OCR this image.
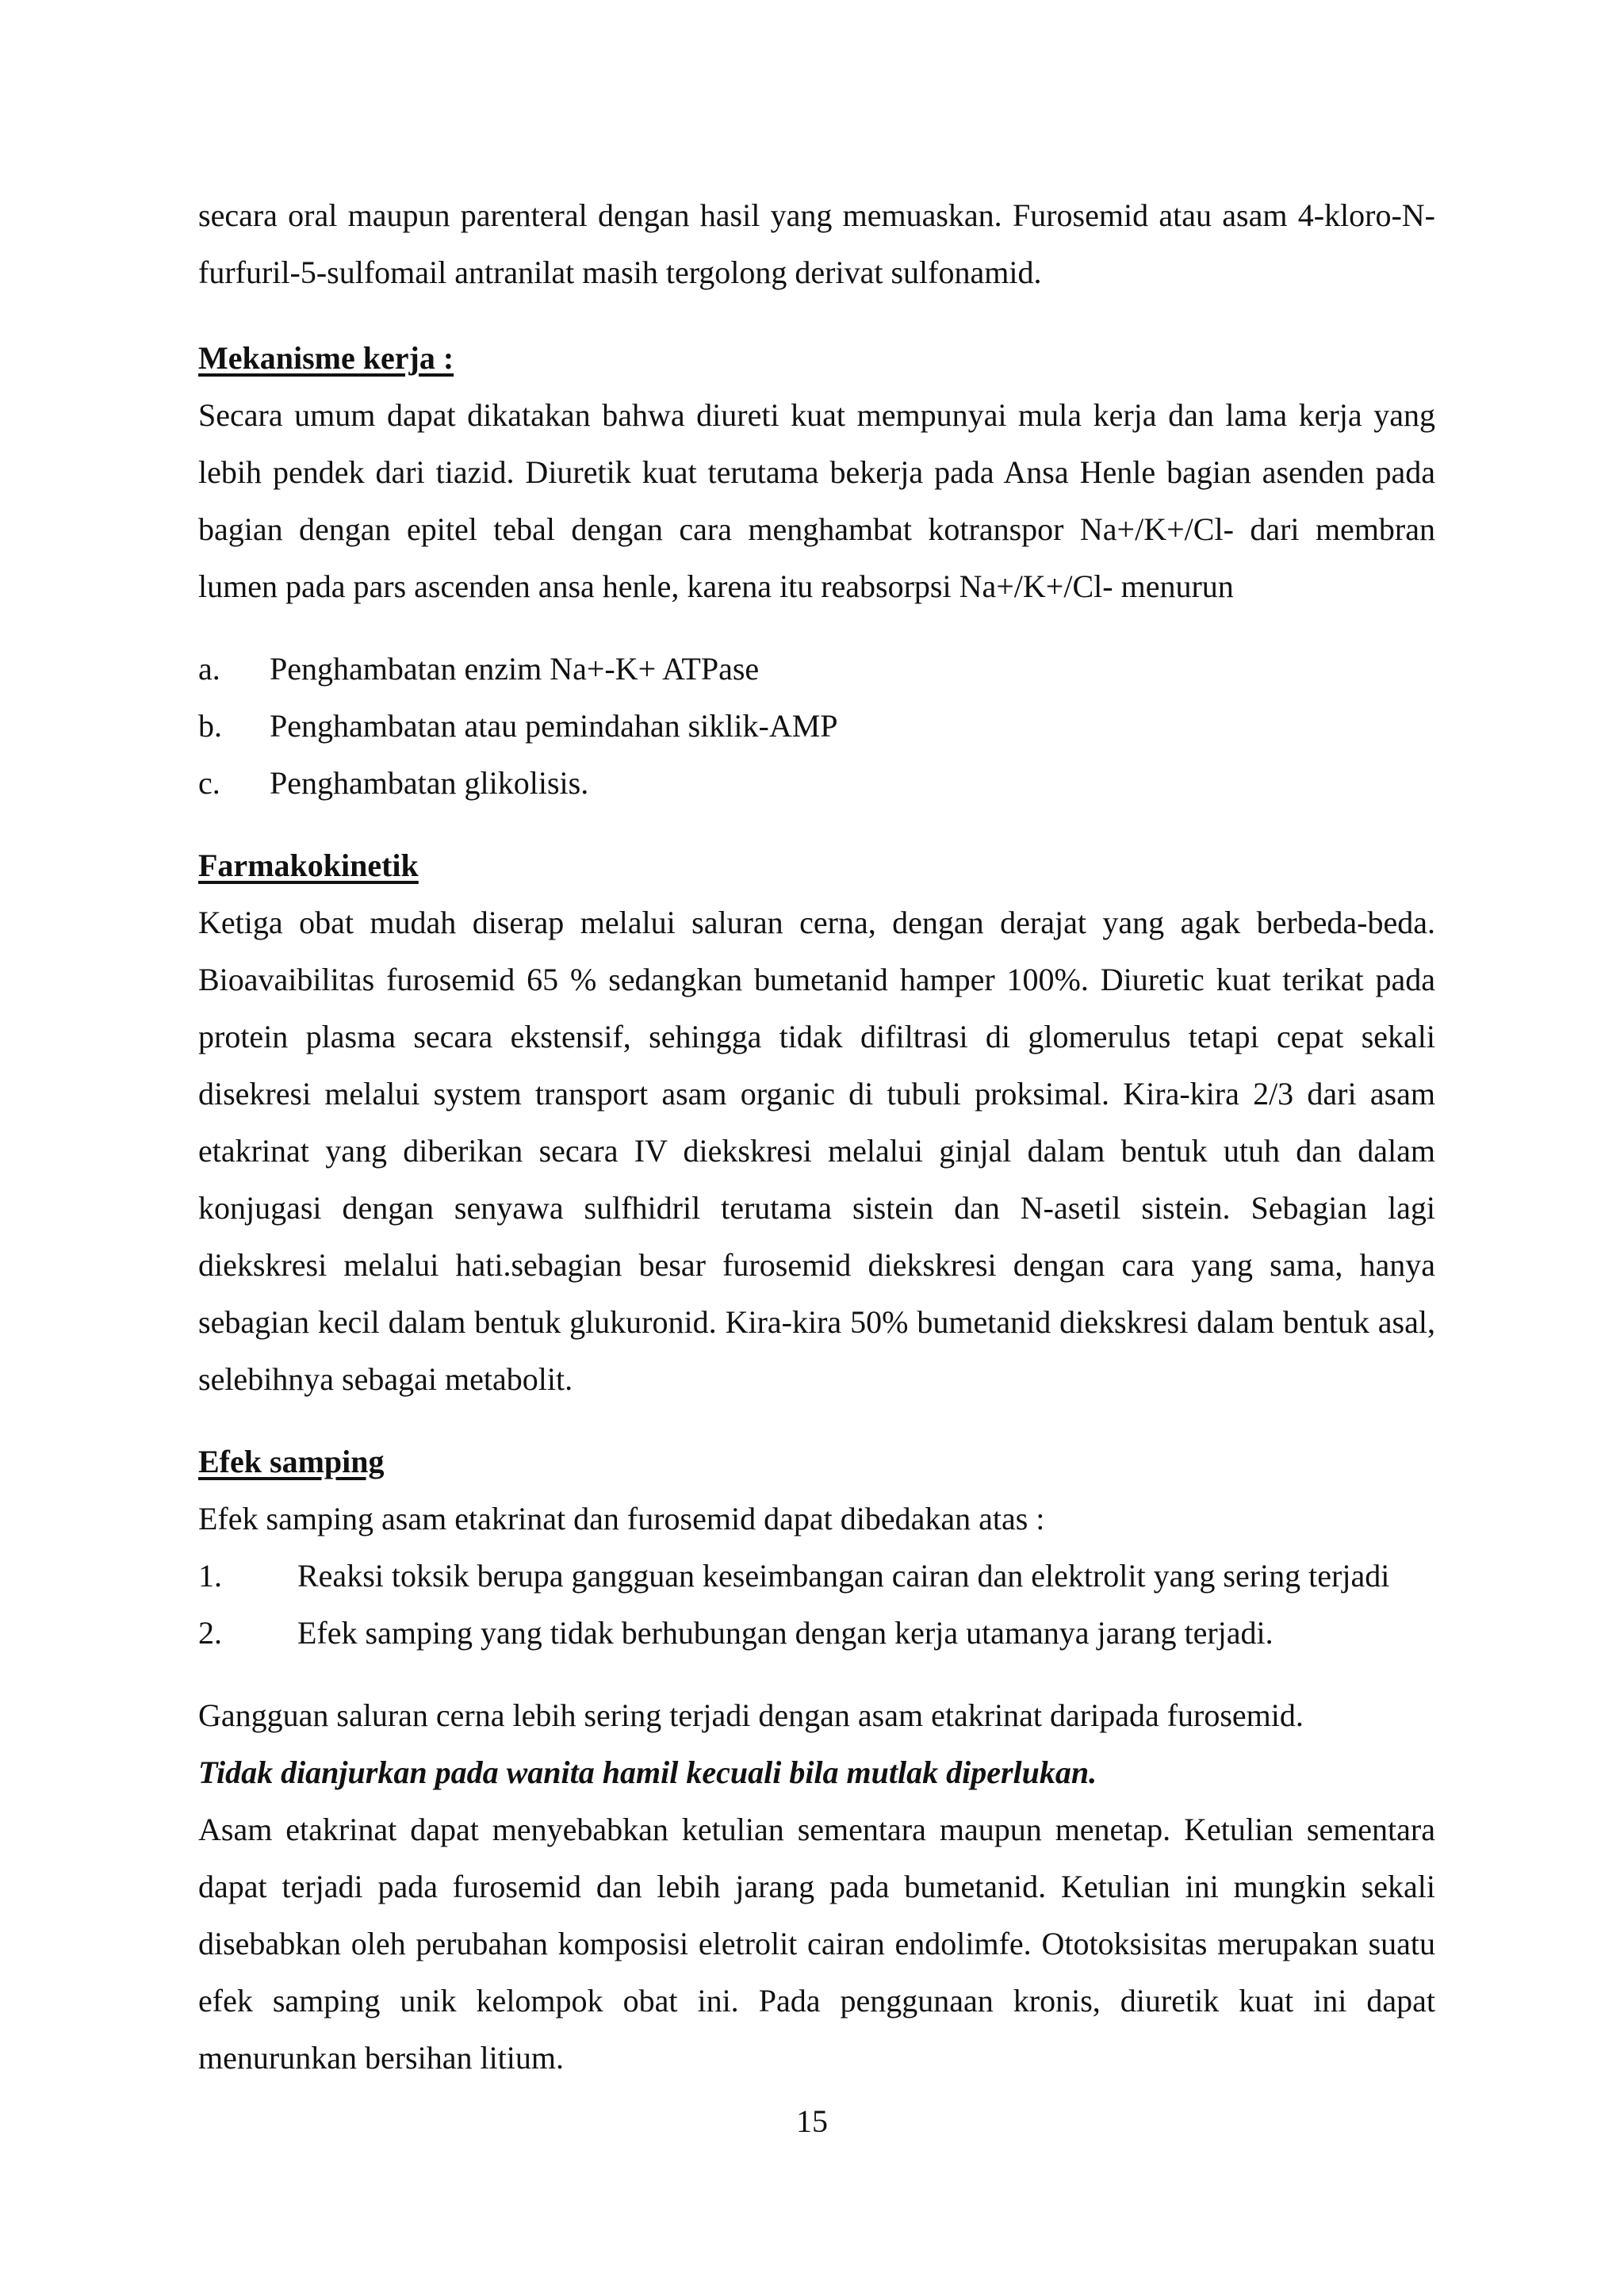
secara oral maupun parenteral dengan hasil yang memuaskan. Furosemid atau asam 4-kloro-N-furfuril-5-sulfomail antranilat masih tergolong derivat sulfonamid.

Mekanisme kerja :

Secara umum dapat dikatakan bahwa diureti kuat mempunyai mula kerja dan lama kerja yang lebih pendek dari tiazid. Diuretik kuat terutama bekerja pada Ansa Henle bagian asenden pada bagian dengan epitel tebal dengan cara menghambat kotranspor Na+/K+/Cl- dari membran lumen pada pars ascenden ansa henle, karena itu reabsorpsi Na+/K+/Cl- menurun

a.	Penghambatan enzim Na+-K+ ATPase
b.	Penghambatan atau pemindahan siklik-AMP
c.	Penghambatan glikolisis.

Farmakokinetik

Ketiga obat mudah diserap melalui saluran cerna, dengan derajat yang agak berbeda-beda. Bioavaibilitas furosemid 65 % sedangkan bumetanid hamper 100%. Diuretic kuat terikat pada protein plasma secara ekstensif, sehingga tidak difiltrasi di glomerulus tetapi cepat sekali disekresi melalui system transport asam organic di tubuli proksimal. Kira-kira 2/3 dari asam etakrinat yang diberikan secara IV diekskresi melalui ginjal dalam bentuk utuh dan dalam konjugasi dengan senyawa sulfhidril terutama sistein dan N-asetil sistein. Sebagian lagi diekskresi melalui hati.sebagian besar furosemid diekskresi dengan cara yang sama, hanya sebagian kecil dalam bentuk glukuronid. Kira-kira 50% bumetanid diekskresi dalam bentuk asal, selebihnya sebagai metabolit.

Efek samping

Efek samping asam etakrinat dan furosemid dapat dibedakan atas :

1.	Reaksi toksik berupa gangguan keseimbangan cairan dan elektrolit yang sering terjadi
2.	Efek samping yang tidak berhubungan dengan kerja utamanya jarang terjadi.

Gangguan saluran cerna lebih sering terjadi dengan asam etakrinat daripada furosemid.

Tidak dianjurkan pada wanita hamil kecuali bila mutlak diperlukan.

Asam etakrinat dapat menyebabkan ketulian sementara maupun menetap. Ketulian sementara dapat terjadi pada furosemid dan lebih jarang pada bumetanid. Ketulian ini mungkin sekali disebabkan oleh perubahan komposisi eletrolit cairan endolimfe. Ototoksisitas merupakan suatu efek samping unik kelompok obat ini. Pada penggunaan kronis, diuretik kuat ini dapat menurunkan bersihan litium.

15
